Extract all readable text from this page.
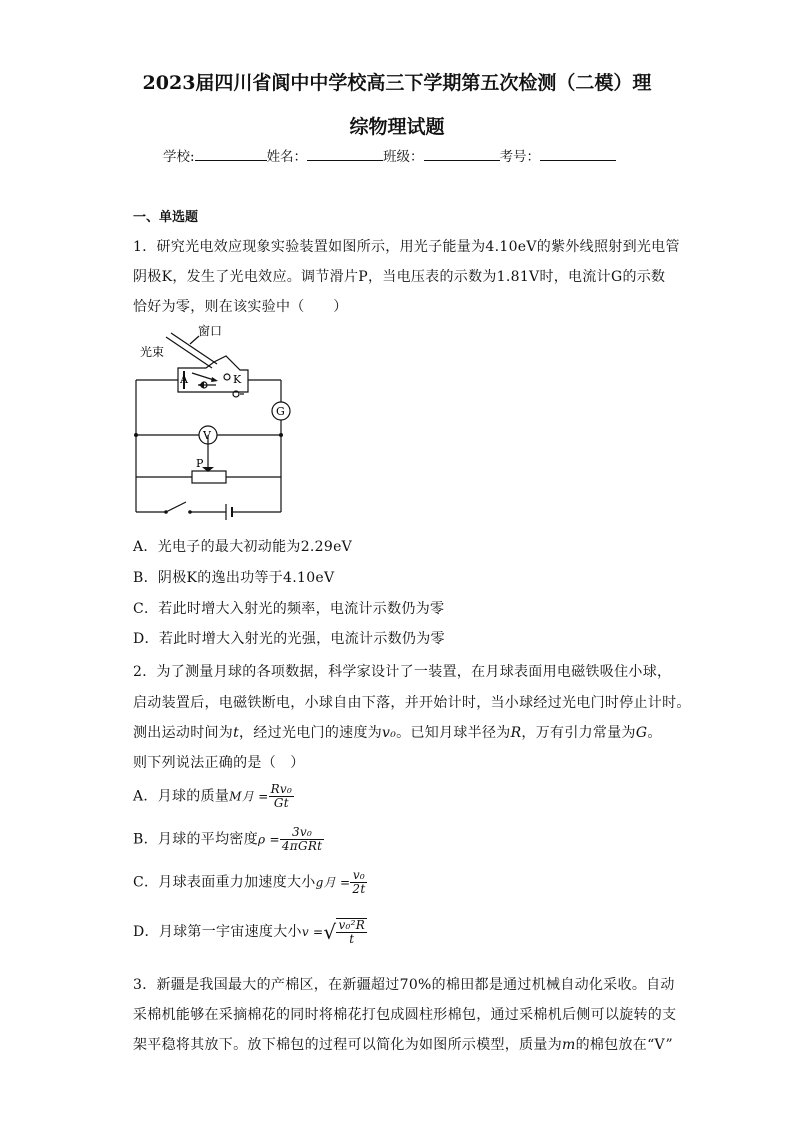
2023届四川省阆中中学校高三下学期第五次检测（二模）理
综物理试题
学校:	姓名：	班级：	考号：
一、单选题
1．研究光电效应现象实验装置如图所示，用光子能量为4.10eV的紫外线照射到光电管
阴极K，发生了光电效应。调节滑片P，当电压表的示数为1.81V时，电流计G的示数
恰好为零，则在该实验中（　　）
窗口
光束
A	K
G
V
P
A．光电子的最大初动能为2.29eV
B．阴极K的逸出功等于4.10eV
C．若此时增大入射光的频率，电流计示数仍为零
D．若此时增大入射光的光强，电流计示数仍为零
2．为了测量月球的各项数据，科学家设计了一装置，在月球表面用电磁铁吸住小球，
启动装置后，电磁铁断电，小球自由下落，并开始计时，当小球经过光电门时停止计时。
测出运动时间为t，经过光电门的速度为v₀。已知月球半径为R，万有引力常量为G。
则下列说法正确的是（　）
A．月球的质量M月 = $\frac{\text{Rv₀}}{Gt}$
B．月球的平均密度$\rho = \frac{\text{3v₀}}{\text{4πGRt}}$
C．月球表面重力加速度大小g月 = $\frac{\text{v₀}}{2t}$
D．月球第一宇宙速度大小v =√ $\frac{\text{v₀²R}}{t}$
3．新疆是我国最大的产棉区，在新疆超过70%的棉田都是通过机械自动化采收。自动
采棉机能够在采摘棉花的同时将棉花打包成圆柱形棉包，通过采棉机后侧可以旋转的支
架平稳将其放下。放下棉包的过程可以简化为如图所示模型，质量为m的棉包放在“V”
